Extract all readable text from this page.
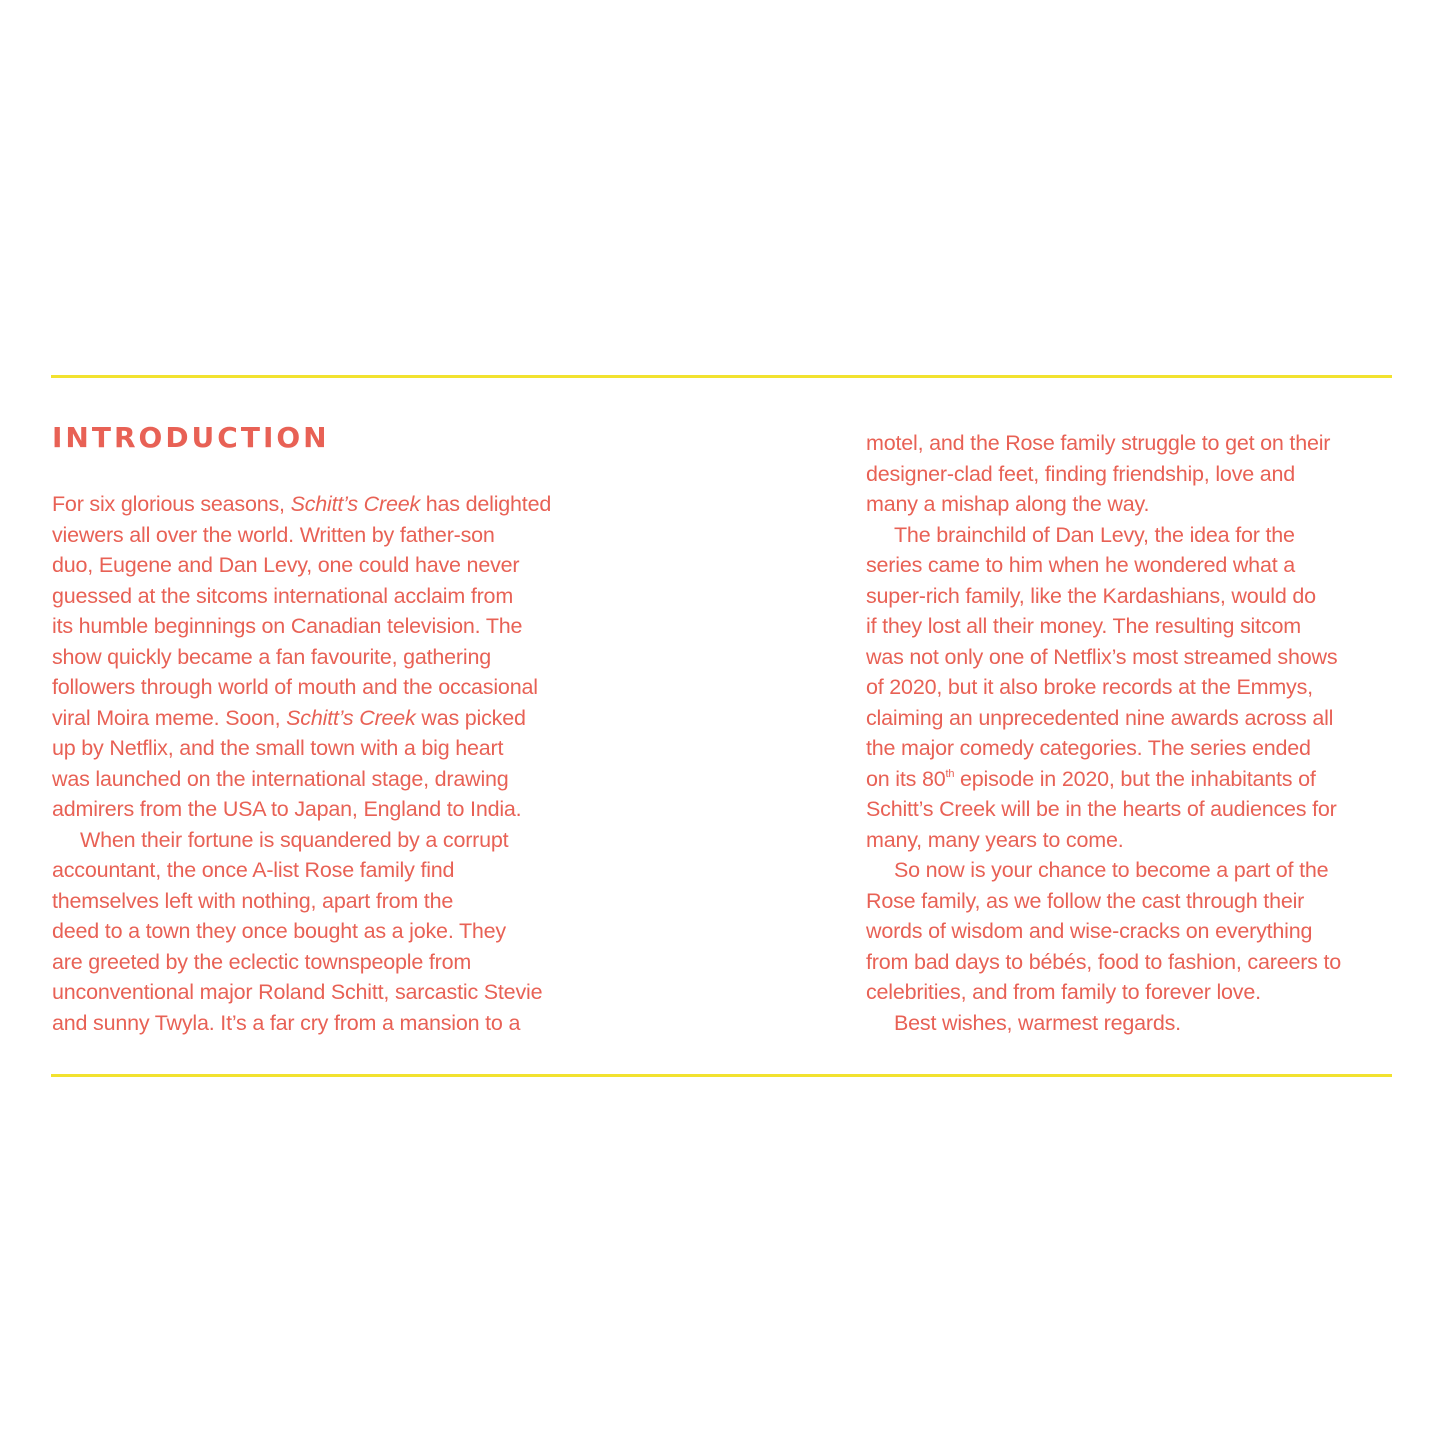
INTRODUCTION
For six glorious seasons, Schitt’s Creek has delighted
viewers all over the world. Written by father-son
duo, Eugene and Dan Levy, one could have never
guessed at the sitcoms international acclaim from
its humble beginnings on Canadian television. The
show quickly became a fan favourite, gathering
followers through world of mouth and the occasional
viral Moira meme. Soon, Schitt’s Creek was picked
up by Netflix, and the small town with a big heart
was launched on the international stage, drawing
admirers from the USA to Japan, England to India.
When their fortune is squandered by a corrupt
accountant, the once A-list Rose family find
themselves left with nothing, apart from the
deed to a town they once bought as a joke. They
are greeted by the eclectic townspeople from
unconventional major Roland Schitt, sarcastic Stevie
and sunny Twyla. It’s a far cry from a mansion to a
motel, and the Rose family struggle to get on their
designer-clad feet, finding friendship, love and
many a mishap along the way.
The brainchild of Dan Levy, the idea for the
series came to him when he wondered what a
super-rich family, like the Kardashians, would do
if they lost all their money. The resulting sitcom
was not only one of Netflix’s most streamed shows
of 2020, but it also broke records at the Emmys,
claiming an unprecedented nine awards across all
the major comedy categories. The series ended
on its 80th episode in 2020, but the inhabitants of
Schitt’s Creek will be in the hearts of audiences for
many, many years to come.
So now is your chance to become a part of the
Rose family, as we follow the cast through their
words of wisdom and wise-cracks on everything
from bad days to bébés, food to fashion, careers to
celebrities, and from family to forever love.
Best wishes, warmest regards.
